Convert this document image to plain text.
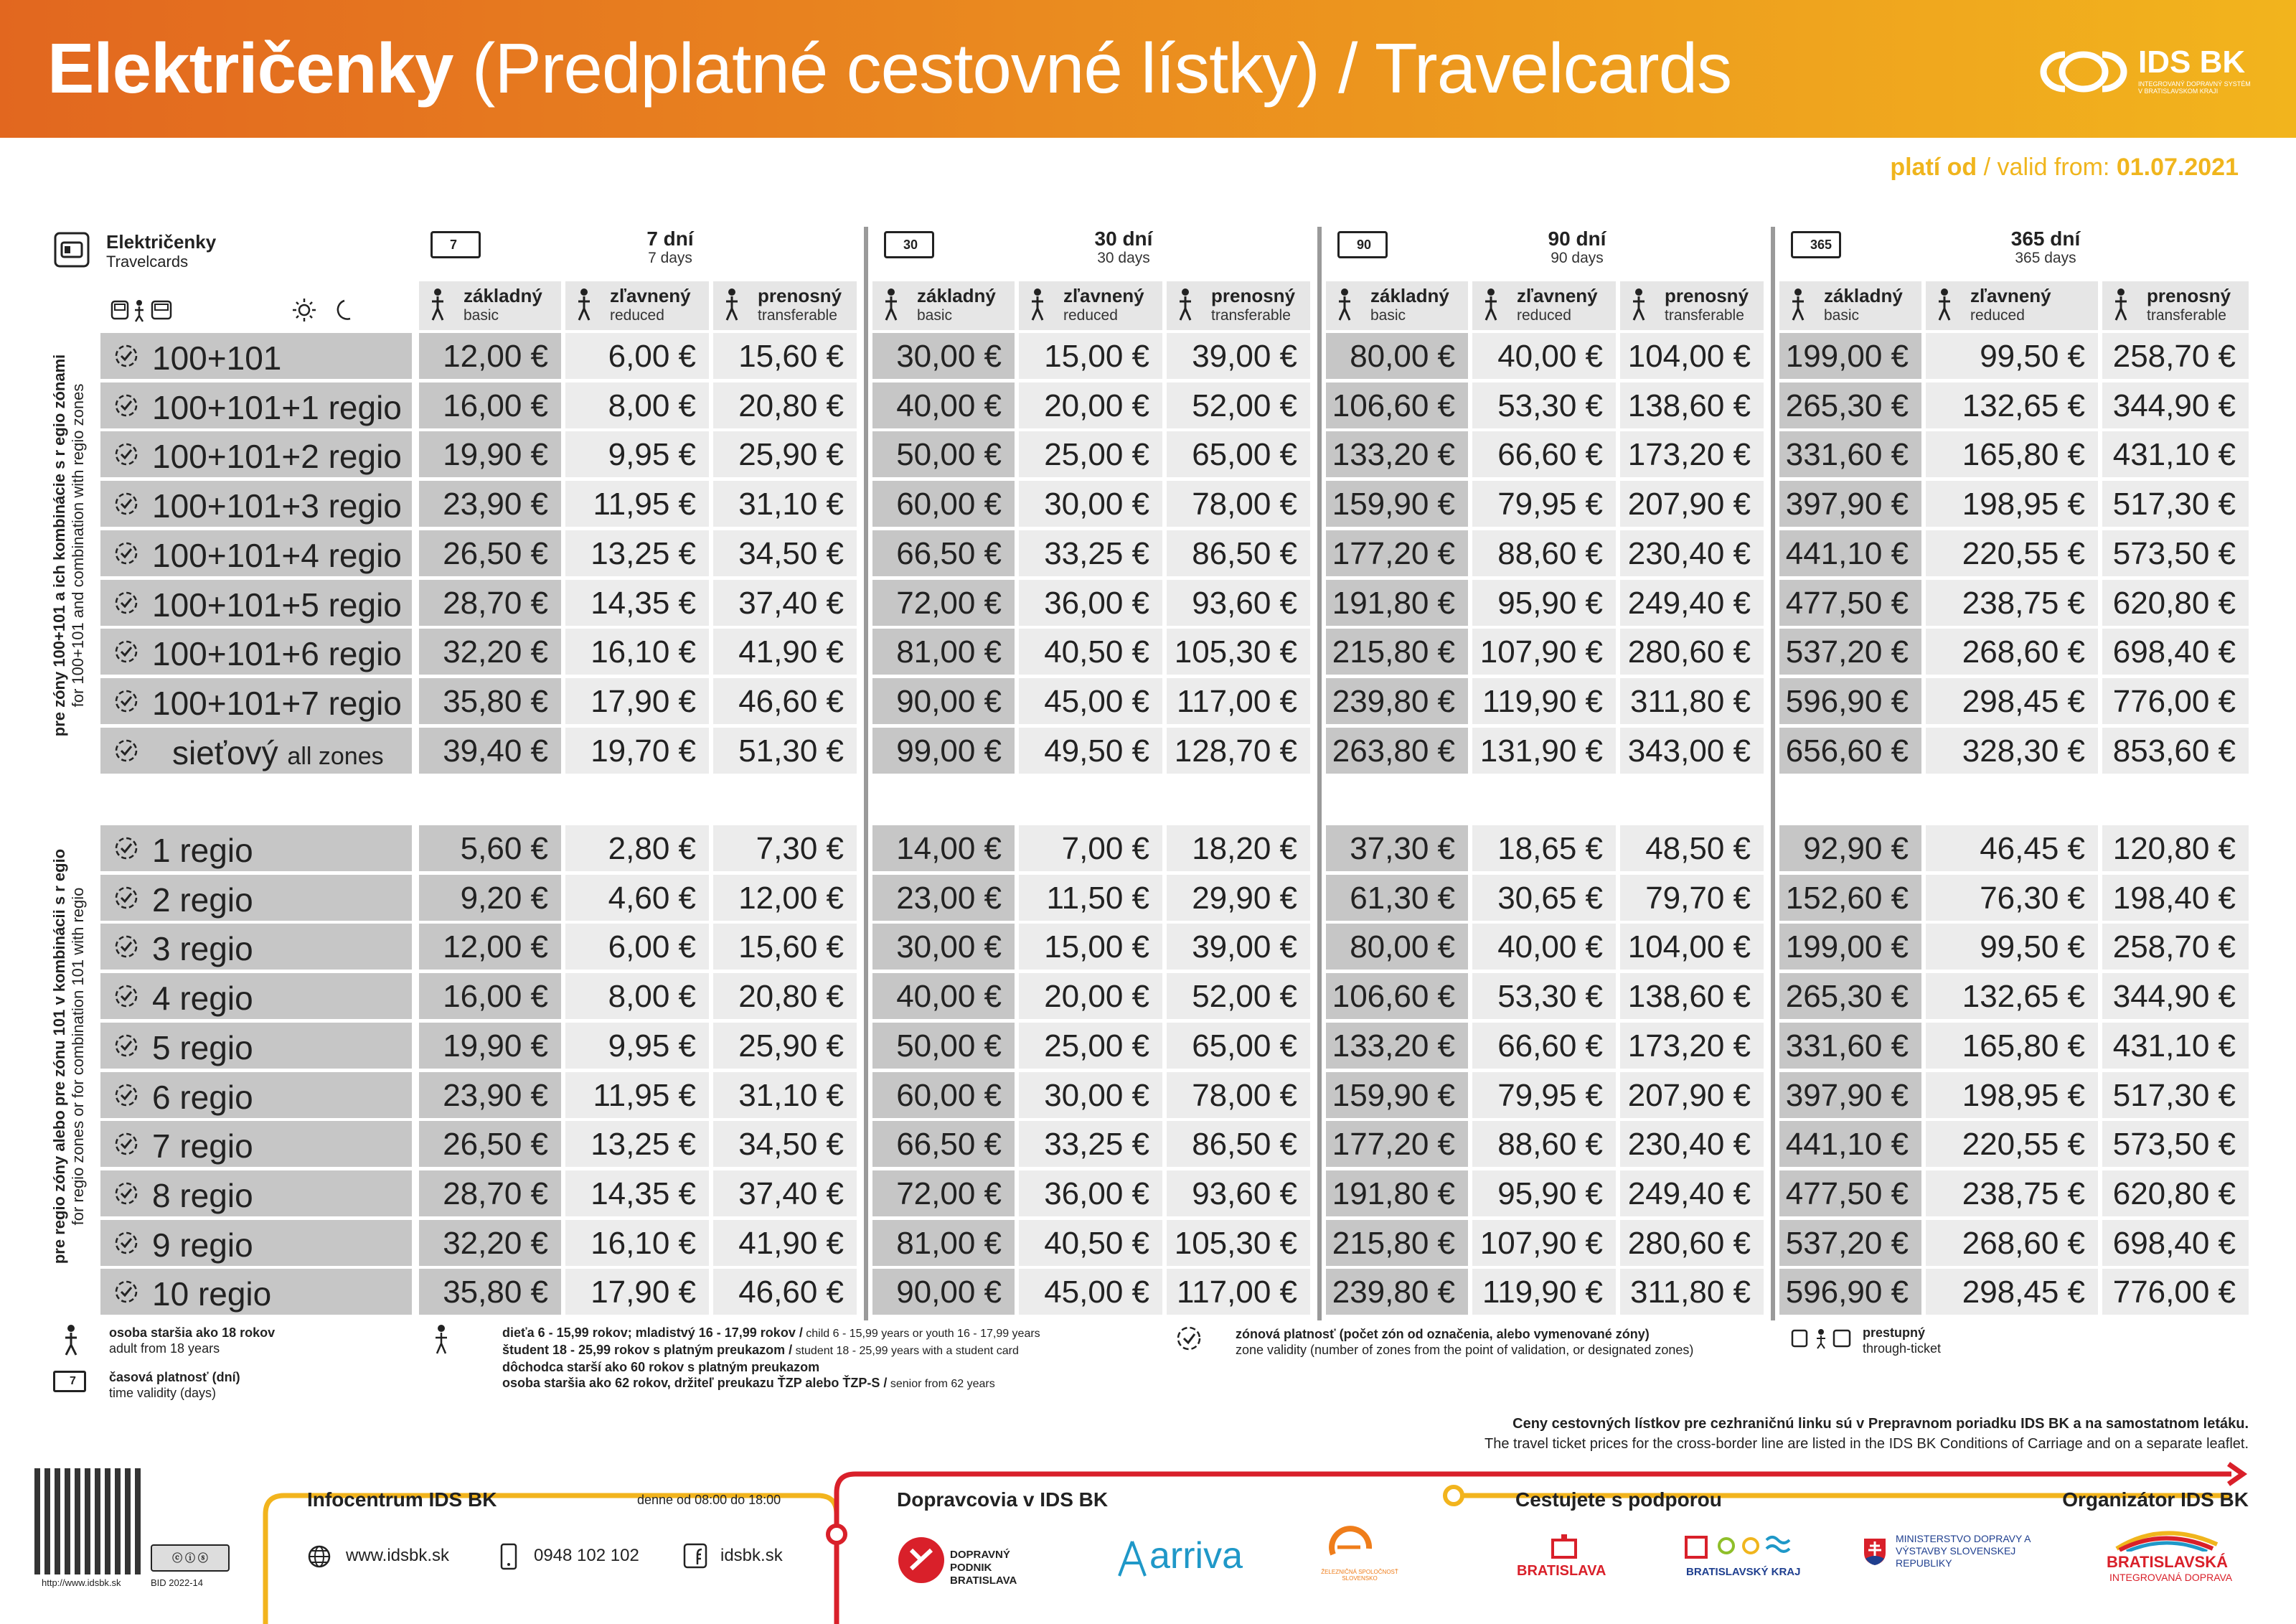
Električenky (Predplatné cestovné lístky) / Travelcards	IDS BK
INTEGROVANÝ DOPRAVNÝ SYSTÉM V BRATISLAVSKOM KRAJI
platí od / valid from: 01.07.2021
Električenky
Travelcards
7	7 dní
7 days
základný
basic
zľavnený
reduced
prenosný
transferable
30	30 dní
30 days
základný
basic
zľavnený
reduced
prenosný
transferable
90	90 dní
90 days
základný
basic
zľavnený
reduced
prenosný
transferable
365	365 dní
365 days
základný
basic
zľavnený
reduced
prenosný
transferable
100+101	12,00 €	6,00 €	15,60 €	30,00 €	15,00 €	39,00 €	80,00 €	40,00 € 104,00 €	199,00 €	99,50 € 258,70 €
100+101+1 regio	16,00 €	8,00 €	20,80 €	40,00 €	20,00 €	52,00 €	106,60 €	53,30 € 138,60 €	265,30 €	132,65 € 344,90 €
100+101+2 regio	19,90 €	9,95 €	25,90 €	50,00 €	25,00 €	65,00 €	133,20 €	66,60 € 173,20 €	331,60 €	165,80 € 431,10 €
100+101+3 regio	23,90 €	11,95 €	31,10 €	60,00 €	30,00 €	78,00 €	159,90 €	79,95 € 207,90 €	397,90 €	198,95 € 517,30 €
100+101+4 regio	26,50 €	13,25 €	34,50 €	66,50 €	33,25 €	86,50 €	177,20 €	88,60 € 230,40 €	441,10 €	220,55 € 573,50 €
100+101+5 regio	28,70 €	14,35 €	37,40 €	72,00 €	36,00 €	93,60 €	191,80 €	95,90 € 249,40 €	477,50 €	238,75 € 620,80 €
100+101+6 regio	32,20 €	16,10 €	41,90 €	81,00 €	40,50 € 105,30 €	215,80 € 107,90 € 280,60 €	537,20 €	268,60 € 698,40 €
100+101+7 regio	35,80 €	17,90 €	46,60 €	90,00 €	45,00 € 117,00 €	239,80 € 119,90 € 311,80 €	596,90 €	298,45 € 776,00 €
sieťový all zones	39,40 €	19,70 €	51,30 €	99,00 €	49,50 € 128,70 €	263,80 € 131,90 € 343,00 €	656,60 €	328,30 € 853,60 €
1 regio	5,60 €	2,80 €	7,30 €	14,00 €	7,00 €	18,20 €	37,30 €	18,65 €	48,50 €	92,90 €	46,45 € 120,80 €
2 regio	9,20 €	4,60 €	12,00 €	23,00 €	11,50 €	29,90 €	61,30 €	30,65 €	79,70 €	152,60 €	76,30 € 198,40 €
3 regio	12,00 €	6,00 €	15,60 €	30,00 €	15,00 €	39,00 €	80,00 €	40,00 € 104,00 €	199,00 €	99,50 € 258,70 €
4 regio	16,00 €	8,00 €	20,80 €	40,00 €	20,00 €	52,00 €	106,60 €	53,30 € 138,60 €	265,30 €	132,65 € 344,90 €
5 regio	19,90 €	9,95 €	25,90 €	50,00 €	25,00 €	65,00 €	133,20 €	66,60 € 173,20 €	331,60 €	165,80 € 431,10 €
6 regio	23,90 €	11,95 €	31,10 €	60,00 €	30,00 €	78,00 €	159,90 €	79,95 € 207,90 €	397,90 €	198,95 € 517,30 €
7 regio	26,50 €	13,25 €	34,50 €	66,50 €	33,25 €	86,50 €	177,20 €	88,60 € 230,40 €	441,10 €	220,55 € 573,50 €
8 regio	28,70 €	14,35 €	37,40 €	72,00 €	36,00 €	93,60 €	191,80 €	95,90 € 249,40 €	477,50 €	238,75 € 620,80 €
9 regio	32,20 €	16,10 €	41,90 €	81,00 €	40,50 € 105,30 €	215,80 € 107,90 € 280,60 €	537,20 €	268,60 € 698,40 €
10 regio	35,80 €	17,90 €	46,60 €	90,00 €	45,00 € 117,00 €	239,80 € 119,90 € 311,80 €	596,90 €	298,45 € 776,00 €
pre zóny 100+101 a ich kombinácie s r egio zónami
for 100+101 and combination with regio zones
pre regio zóny alebo pre zónu 101 v kombinácii s r egio
for regio zones or for combination 101 with regio
osoba staršia ako 18 rokov
adult from 18 years
7	časová platnosť (dní)
time validity (days)
dieťa 6 - 15,99 rokov; mladistvý 16 - 17,99 rokov / child 6 - 15,99 years or youth 16 - 17,99 years
študent 18 - 25,99 rokov s platným preukazom / student 18 - 25,99 years with a student card
dôchodca starší ako 60 rokov s platným preukazom
osoba staršia ako 62 rokov, držiteľ preukazu ŤZP alebo ŤZP-S / senior from 62 years
zónová platnosť (počet zón od označenia, alebo vymenované zóny)
zone validity (number of zones from the point of validation, or designated zones)
prestupný
through-ticket
Ceny cestovných lístkov pre cezhraničnú linku sú v Prepravnom poriadku IDS BK a na samostatnom letáku.
The travel ticket prices for the cross-border line are listed in the IDS BK Conditions of Carriage and on a separate leaflet.
http://www.idsbk.sk
ⓒ ⓘ ⓢ
BID 2022-14
Infocentrum IDS BK	denne od 08:00 do 18:00
www.idsbk.sk	0948 102 102	idsbk.sk
Dopravcovia v IDS BK
DOPRAVNÝ PODNIK BRATISLAVA
arriva	ŽELEZNIČNÁ SPOLOČNOSŤ SLOVENSKO
Cestujete s podporou
BRATISLAVA	BRATISLAVSKÝ KRAJ
MINISTERSTVO DOPRAVY A VÝSTAVBY SLOVENSKEJ REPUBLIKY
Organizátor IDS BK
BRATISLAVSKÁ
INTEGROVANÁ DOPRAVA
